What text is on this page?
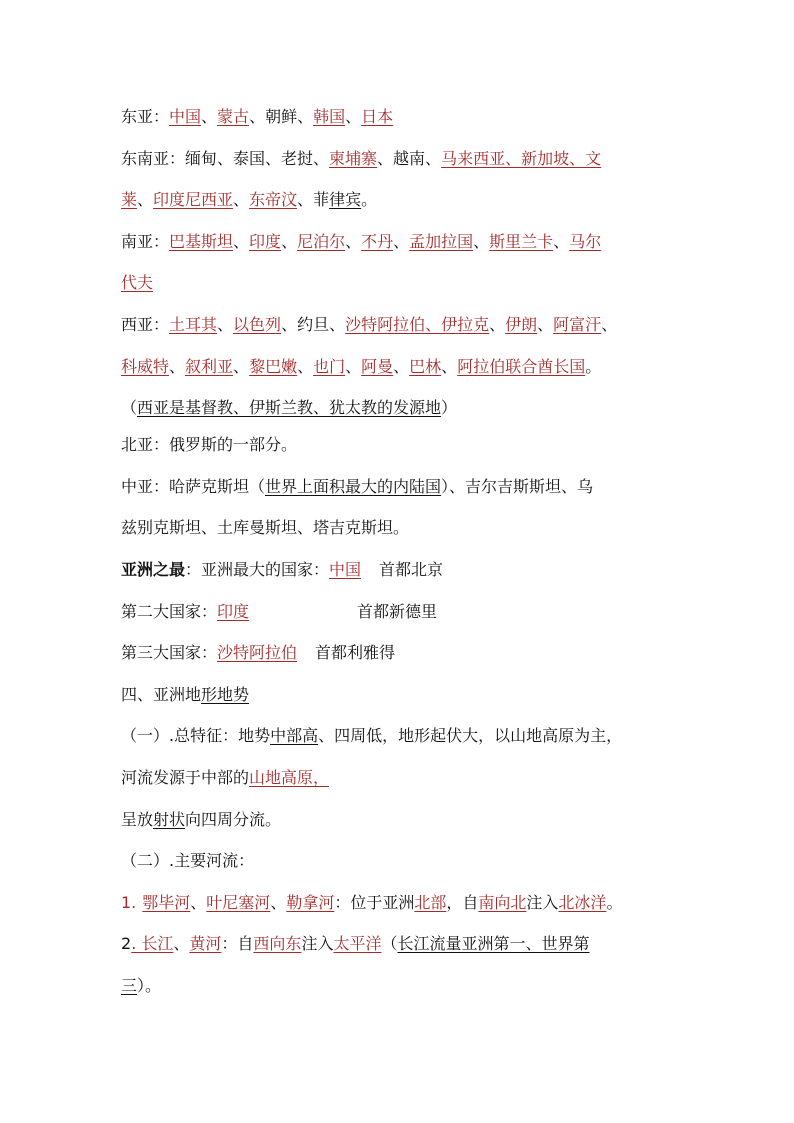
东亚：中国、蒙古、朝鲜、韩国、日本
东南亚：缅甸、泰国、老挝、柬埔寨、越南、马来西亚、新加坡、文
莱、印度尼西亚、东帝汶、菲律宾。
南亚：巴基斯坦、印度、尼泊尔、不丹、孟加拉国、斯里兰卡、马尔
代夫
西亚：土耳其、以色列、约旦、沙特阿拉伯、伊拉克、伊朗、阿富汗、
科威特、叙利亚、黎巴嫩、也门、阿曼、巴林、阿拉伯联合酋长国。
（西亚是基督教、伊斯兰教、犹太教的发源地）
北亚：俄罗斯的一部分。
中亚：哈萨克斯坦（世界上面积最大的内陆国）、吉尔吉斯斯坦、乌
兹别克斯坦、土库曼斯坦、塔吉克斯坦。
亚洲之最：亚洲最大的国家：中国 首都北京
第二大国家：印度	首都新德里
第三大国家：沙特阿拉伯 首都利雅得
四、亚洲地形地势
（一）.总特征：地势中部高、四周低，地形起伏大，以山地高原为主，
河流发源于中部的山地高原，
呈放射状向四周分流。
（二）.主要河流：
1. 鄂毕河、叶尼塞河、勒拿河：位于亚洲北部，自南向北注入北冰洋。
2. 长江、黄河：自西向东注入太平洋（长江流量亚洲第一、世界第
三）。
